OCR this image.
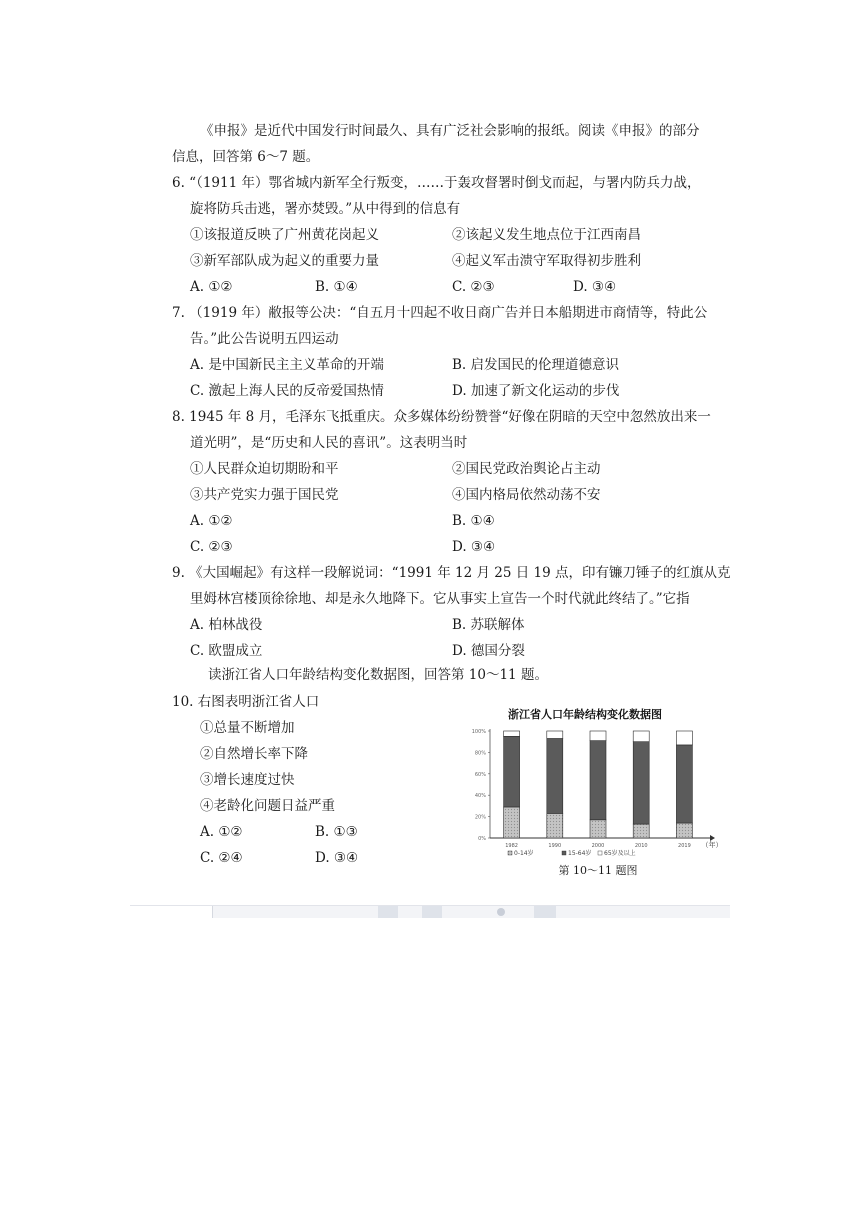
《申报》是近代中国发行时间最久、具有广泛社会影响的报纸。阅读《申报》的部分
信息，回答第 6～7 题。
6. “（1911 年）鄂省城内新军全行叛变，……于轰攻督署时倒戈而起，与署内防兵力战，
旋将防兵击逃，署亦焚毁。”从中得到的信息有
①该报道反映了广州黄花岗起义	②该起义发生地点位于江西南昌
③新军部队成为起义的重要力量	④起义军击溃守军取得初步胜利
A. ①②	B. ①④	C. ②③	D. ③④
7. （1919 年）敝报等公决：“自五月十四起不收日商广告并日本船期进市商情等，特此公
告。”此公告说明五四运动
A. 是中国新民主主义革命的开端	B. 启发国民的伦理道德意识
C. 激起上海人民的反帝爱国热情	D. 加速了新文化运动的步伐
8. 1945 年 8 月，毛泽东飞抵重庆。众多媒体纷纷赞誉“好像在阴暗的天空中忽然放出来一
道光明”，是“历史和人民的喜讯”。这表明当时
①人民群众迫切期盼和平	②国民党政治舆论占主动
③共产党实力强于国民党	④国内格局依然动荡不安
A. ①②	B. ①④
C. ②③	D. ③④
9. 《大国崛起》有这样一段解说词：“1991 年 12 月 25 日 19 点，印有镰刀锤子的红旗从克
里姆林宫楼顶徐徐地、却是永久地降下。它从事实上宣告一个时代就此终结了。”它指
A. 柏林战役	B. 苏联解体
C. 欧盟成立	D. 德国分裂
读浙江省人口年龄结构变化数据图，回答第 10～11 题。
10. 右图表明浙江省人口
①总量不断增加
②自然增长率下降
③增长速度过快
④老龄化问题日益严重
A. ①②	B. ①③
C. ②④	D. ③④
浙江省人口年龄结构变化数据图
0%
20%
40%
60%
80%
100%
1982	1990	2000	2010	2019 （年）
0-14岁	15-64岁 65岁及以上
第 10～11 题图
